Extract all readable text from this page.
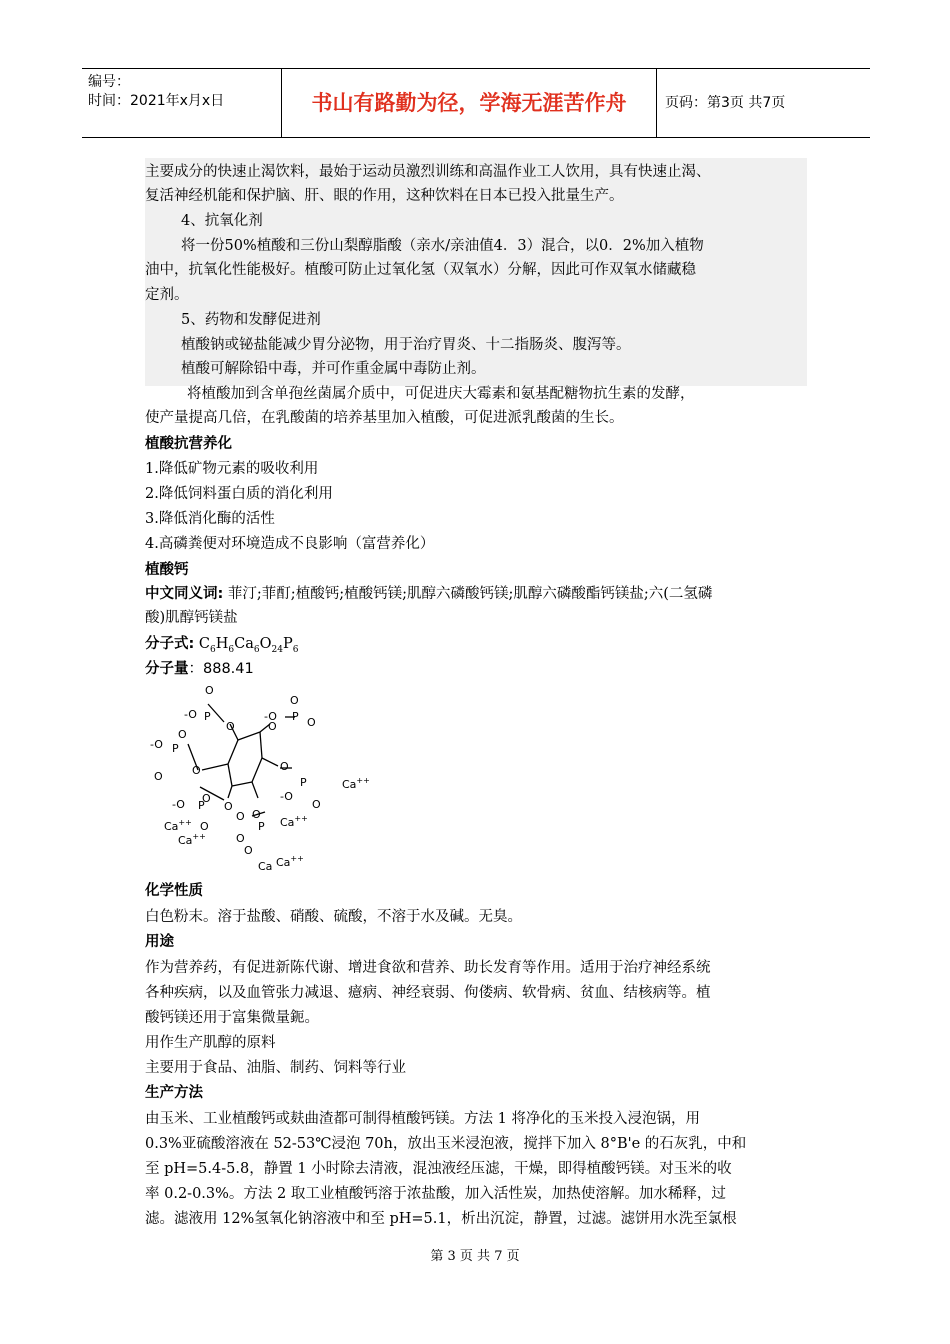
编号：
时间：2021年x月x日	书山有路勤为径，学海无涯苦作舟	页码：第3页 共7页
主要成分的快速止渴饮料，最始于运动员激烈训练和高温作业工人饮用，具有快速止渴、
复活神经机能和保护脑、肝、眼的作用，这种饮料在日本已投入批量生产。
4、抗氧化剂
将一份50%植酸和三份山梨醇脂酸（亲水/亲油值4．3）混合，以0．2%加入植物
油中，抗氧化性能极好。植酸可防止过氧化氢（双氧水）分解，因此可作双氧水储藏稳
定剂。
5、药物和发酵促进剂
植酸钠或铋盐能减少胃分泌物，用于治疗胃炎、十二指肠炎、腹泻等。
植酸可解除铅中毒，并可作重金属中毒防止剂。
将植酸加到含单孢丝菌属介质中，可促进庆大霉素和氨基配糖物抗生素的发酵，
使产量提高几倍，在乳酸菌的培养基里加入植酸，可促进派乳酸菌的生长。
植酸抗营养化
1.降低矿物元素的吸收利用
2.降低饲料蛋白质的消化利用
3.降低消化酶的活性
4.高磷粪便对环境造成不良影响（富营养化）
植酸钙
中文同义词: 菲汀;菲酊;植酸钙;植酸钙镁;肌醇六磷酸钙镁;肌醇六磷酸酯钙镁盐;六(二氢磷
酸)肌醇钙镁盐
分子式: $C_6H_6Ca_6O_{24}P_6$
分子量：888.41
化学性质
白色粉末。溶于盐酸、硝酸、硫酸，不溶于水及碱。无臭。
用途
作为营养药，有促进新陈代谢、增进食欲和营养、助长发育等作用。适用于治疗神经系统
各种疾病，以及血管张力减退、癔病、神经衰弱、佝偻病、软骨病、贫血、结核病等。植
酸钙镁还用于富集微量鈪。
用作生产肌醇的原料
主要用于食品、油脂、制药、饲料等行业
生产方法
由玉米、工业植酸钙或麸曲渣都可制得植酸钙镁。方法 1 将净化的玉米投入浸泡锅，用
0.3%亚硫酸溶液在 52-53℃浸泡 70h，放出玉米浸泡液，搅拌下加入 8°B'e 的石灰乳，中和
至 pH=5.4-5.8，静置 1 小时除去清液，混浊液经压滤，干燥，即得植酸钙镁。对玉米的收
率 0.2-0.3%。方法 2 取工业植酸钙溶于浓盐酸，加入活性炭，加热使溶解。加水稀释，过
滤。滤液用 12%氢氧化钠溶液中和至 pH=5.1，析出沉淀，静置，过滤。滤饼用水洗至氯根
O
-O P
O	O
P
O
-O	O
-O P
O
O	O	O
P
-O
O
Ca++
O
-O P O
Ca++ O
Ca++
O O
P
O
O
Ca++
Ca Ca++
第 3 页 共 7 页
